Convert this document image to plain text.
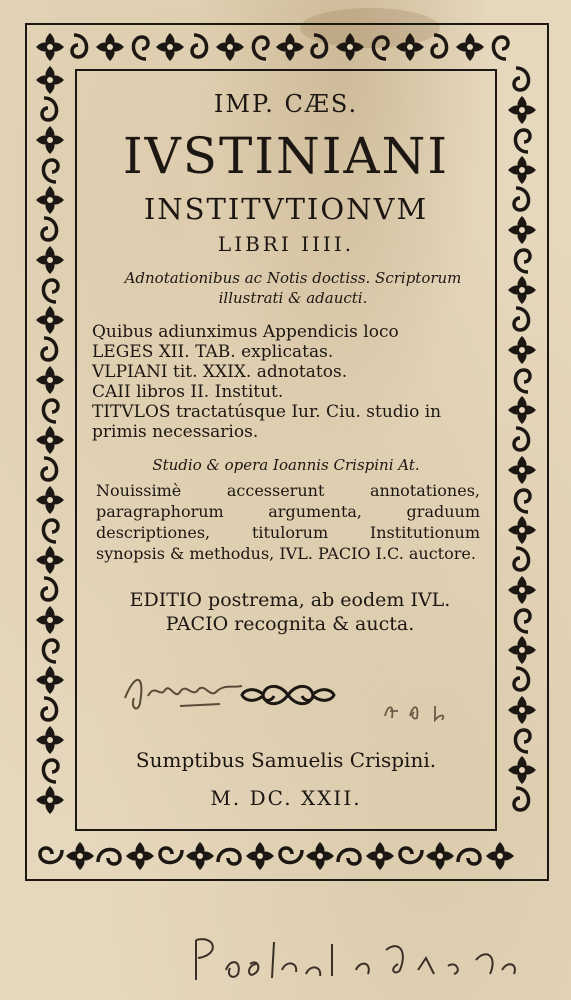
IMP. CÆS.
IVSTINIANI
INSTITVTIONVM
LIBRI IIII.
Adnotationibus ac Notis doctiss. Scriptorum illustrati & adaucti.
Quibus adiunximus Appendicis loco
LEGES XII. TAB. explicatas.
VLPIANI tit. XXIX. adnotatos.
CAII libros II. Institut.
TITVLOS tractatúsque Iur. Ciu. studio in primis necessarios.
Studio & opera Ioannis Crispini At.
Nouissimè accesserunt annotationes, paragraphorum argumenta, graduum descriptiones, titulorum Institutionum synopsis & methodus, IVL. PACIO I.C. auctore.
EDITIO postrema, ab eodem IVL. PACIO recognita & aucta.
Sumptibus Samuelis Crispini.
M. DC. XXII.
